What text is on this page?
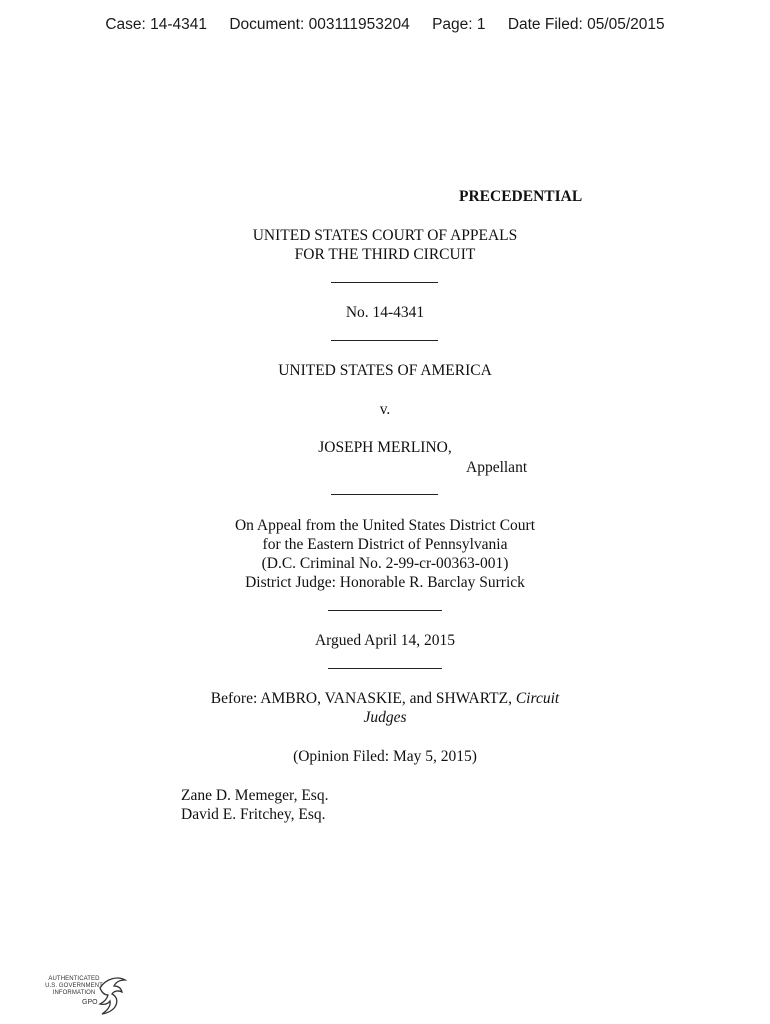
Case: 14-4341 Document: 003111953204 Page: 1 Date Filed: 05/05/2015
PRECEDENTIAL
UNITED STATES COURT OF APPEALS
FOR THE THIRD CIRCUIT
No. 14-4341
UNITED STATES OF AMERICA
v.
JOSEPH MERLINO,
Appellant
On Appeal from the United States District Court
for the Eastern District of Pennsylvania
(D.C. Criminal No. 2-99-cr-00363-001)
District Judge: Honorable R. Barclay Surrick
Argued April 14, 2015
Before: AMBRO, VANASKIE, and SHWARTZ, Circuit
Judges
(Opinion Filed: May 5, 2015)
Zane D. Memeger, Esq.
David E. Fritchey, Esq.
AUTHENTICATED
U.S. GOVERNMENT
INFORMATION
GPO
